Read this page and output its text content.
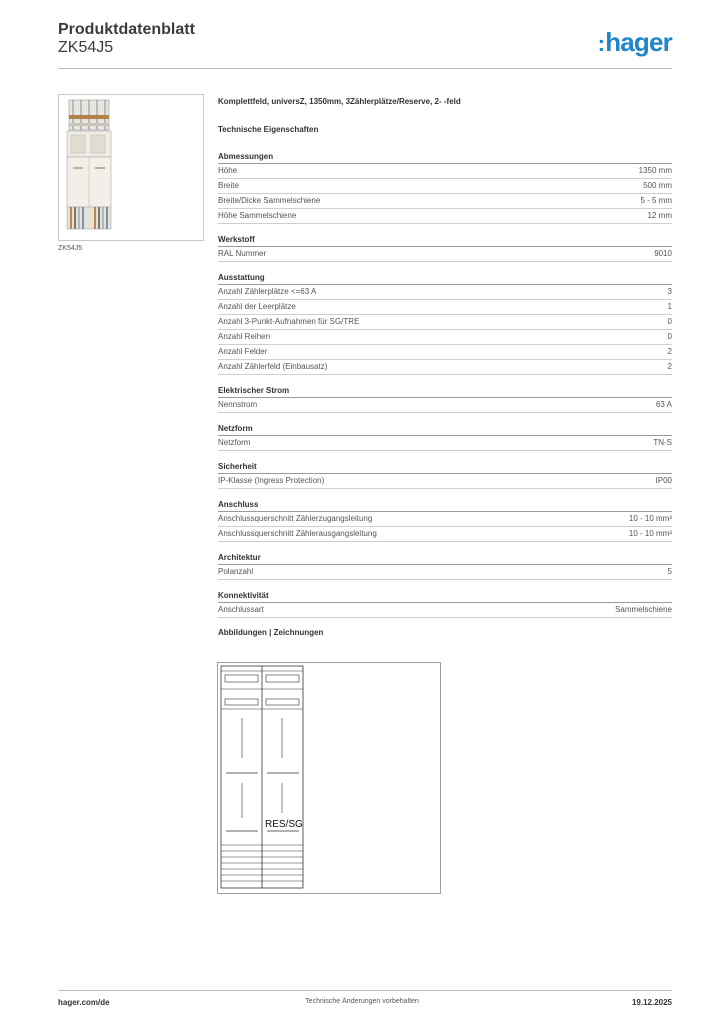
Produktdatenblatt
ZK54J5	:hager
ZK54J5
Komplettfeld, universZ, 1350mm, 3Zählerplätze/Reserve, 2- -feld
Technische Eigenschaften
Abmessungen
Höhe	1350 mm
Breite	500 mm
Breite/Dicke Sammelschiene	5 - 5 mm
Höhe Sammelschiene	12 mm
Werkstoff
RAL Nummer	9010
Ausstattung
Anzahl Zählerplätze <=63 A	3
Anzahl der Leerplätze	1
Anzahl 3-Punkt-Aufnahmen für SG/TRE	0
Anzahl Reihen	0
Anzahl Felder	2
Anzahl Zählerfeld (Einbausatz)	2
Elektrischer Strom
Nennstrom	63 A
Netzform
Netzform	TN-S
Sicherheit
IP-Klasse (Ingress Protection)	IP00
Anschluss
Anschlussquerschnitt Zählerzugangsleitung	10 - 10 mm²
Anschlussquerschnitt Zählerausgangsleitung	10 - 10 mm²
Architektur
Polanzahl	5
Konnektivität
Anschlussart	Sammelschiene
Abbildungen | Zeichnungen
RES/SG
hager.com/de	Technische Änderungen vorbehalten	19.12.2025
